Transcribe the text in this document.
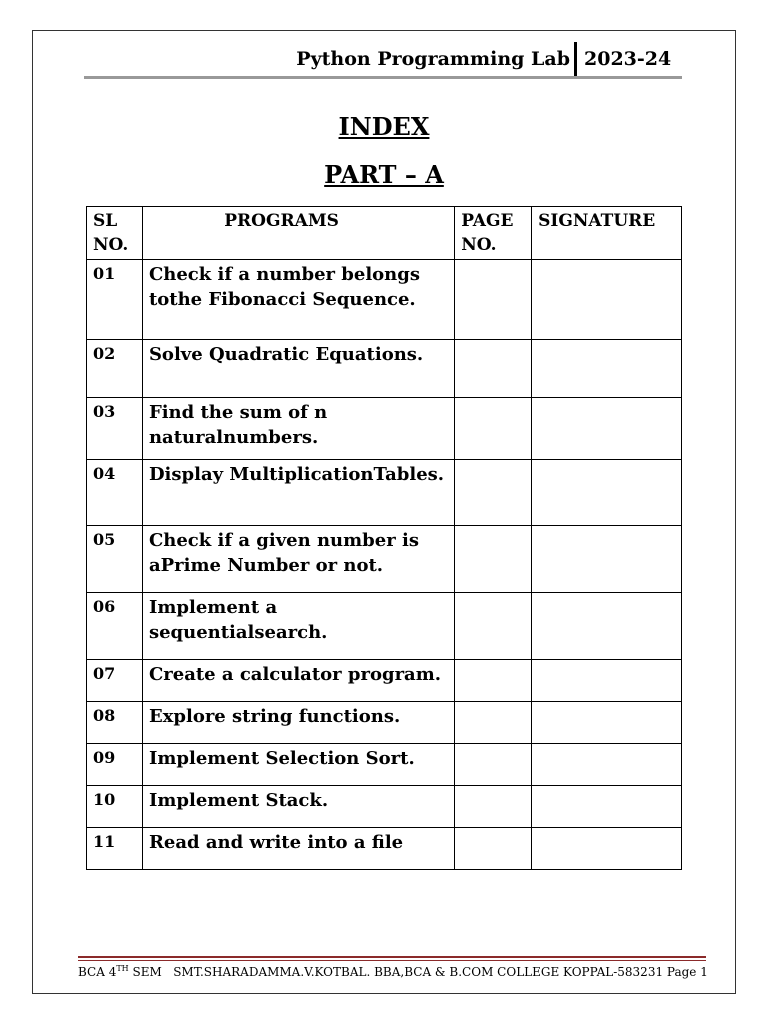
Python Programming Lab 2023-24
INDEX
PART – A
SL NO.	PROGRAMS	PAGE NO.	SIGNATURE
01	Check if a number belongs tothe Fibonacci Sequence.		
02	Solve Quadratic Equations.		
03	Find the sum of n naturalnumbers.		
04	Display MultiplicationTables.		
05	Check if a given number is aPrime Number or not.		
06	Implement a sequentialsearch.		
07	Create a calculator program.		
08	Explore string functions.		
09	Implement Selection Sort.		
10	Implement Stack.		
11	Read and write into a file		
BCA 4TH SEM SMT.SHARADAMMA.V.KOTBAL. BBA,BCA & B.COM COLLEGE KOPPAL-583231 Page 1
